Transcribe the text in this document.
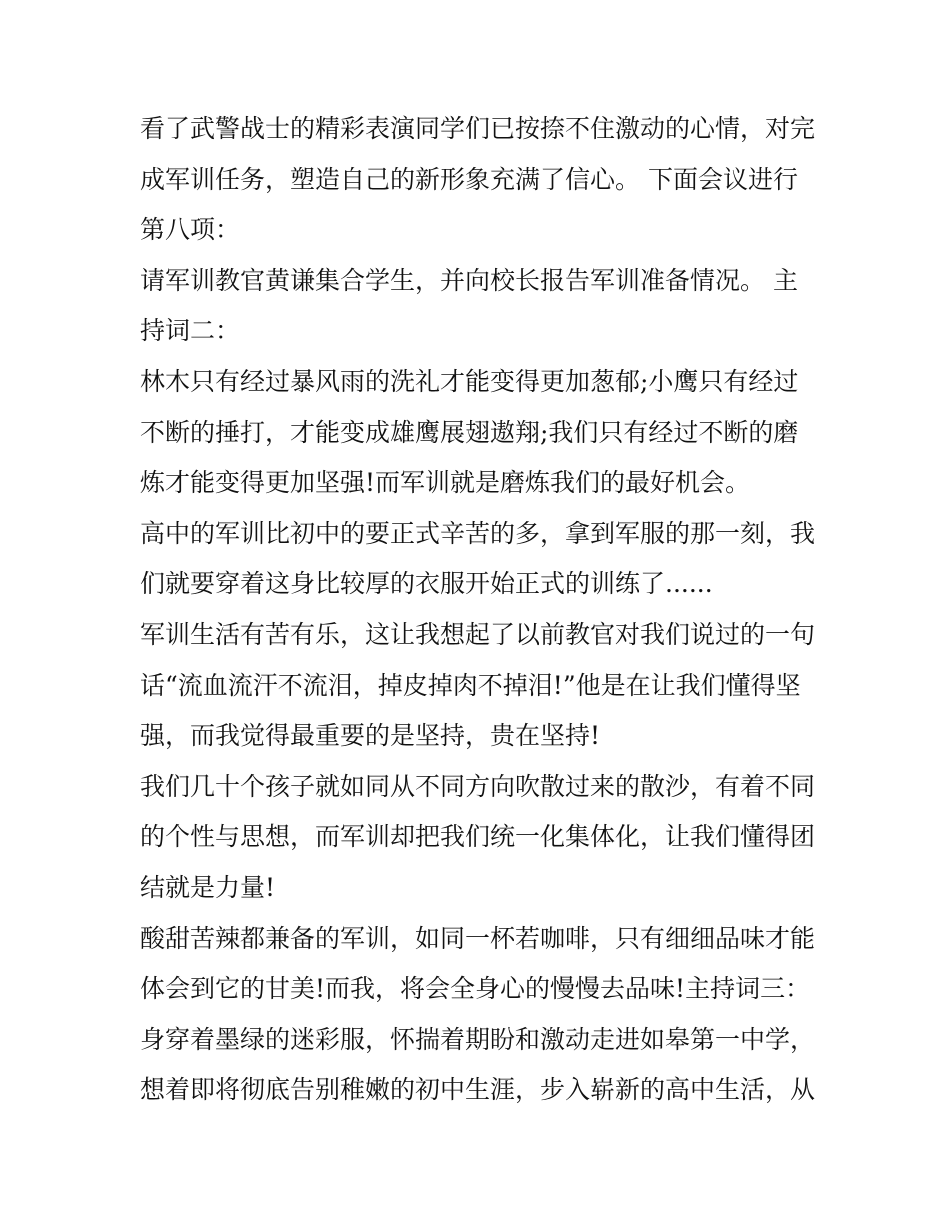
看了武警战士的精彩表演同学们已按捺不住激动的心情，对完
成军训任务，塑造自己的新形象充满了信心。 下面会议进行
第八项：
请军训教官黄谦集合学生，并向校长报告军训准备情况。 主
持词二：
林木只有经过暴风雨的洗礼才能变得更加葱郁;小鹰只有经过
不断的捶打，才能变成雄鹰展翅遨翔;我们只有经过不断的磨
炼才能变得更加坚强!而军训就是磨炼我们的最好机会。
高中的军训比初中的要正式辛苦的多，拿到军服的那一刻，我
们就要穿着这身比较厚的衣服开始正式的训练了......
军训生活有苦有乐，这让我想起了以前教官对我们说过的一句
话“流血流汗不流泪，掉皮掉肉不掉泪!”他是在让我们懂得坚
强，而我觉得最重要的是坚持，贵在坚持!
我们几十个孩子就如同从不同方向吹散过来的散沙，有着不同
的个性与思想，而军训却把我们统一化集体化，让我们懂得团
结就是力量!
酸甜苦辣都兼备的军训，如同一杯若咖啡，只有细细品味才能
体会到它的甘美!而我，将会全身心的慢慢去品味!主持词三：
身穿着墨绿的迷彩服，怀揣着期盼和激动走进如皋第一中学，
想着即将彻底告别稚嫩的初中生涯，步入崭新的高中生活，从
